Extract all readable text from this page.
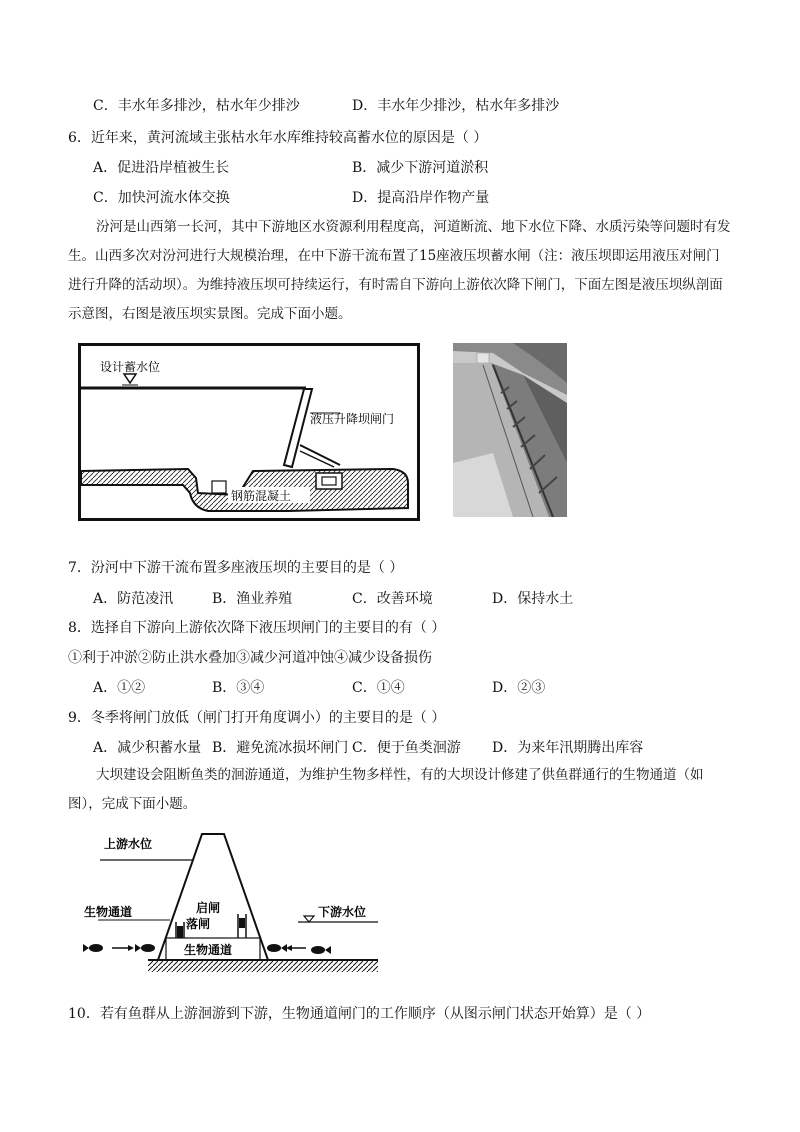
C．丰水年多排沙，枯水年少排沙	D．丰水年少排沙，枯水年多排沙
6．近年来，黄河流域主张枯水年水库维持较高蓄水位的原因是（ ）
A．促进沿岸植被生长	B．减少下游河道淤积
C．加快河流水体交换	D．提高沿岸作物产量
汾河是山西第一长河，其中下游地区水资源利用程度高，河道断流、地下水位下降、水质污染等问题时有发生。山西多次对汾河进行大规模治理，在中下游干流布置了15座液压坝蓄水闸（注：液压坝即运用液压对闸门进行升降的活动坝）。为维持液压坝可持续运行，有时需自下游向上游依次降下闸门，下面左图是液压坝纵剖面示意图，右图是液压坝实景图。完成下面小题。
设计蓄水位
液压升降坝闸门
钢筋混凝土
7．汾河中下游干流布置多座液压坝的主要目的是（ ）
A．防范凌汛	B．渔业养殖	C．改善环境	D．保持水土
8．选择自下游向上游依次降下液压坝闸门的主要目的有（ ）
①利于冲淤②防止洪水叠加③减少河道冲蚀④减少设备损伤
A．①②	B．③④	C．①④	D．②③
9．冬季将闸门放低（闸门打开角度调小）的主要目的是（ ）
A．减少积蓄水量 B．避免流冰损坏闸门 C．便于鱼类洄游 D．为来年汛期腾出库容
大坝建设会阻断鱼类的洄游通道，为维护生物多样性，有的大坝设计修建了供鱼群通行的生物通道（如图），完成下面小题。
上游水位
下游水位
启闸
落闸
生物通道
生物通道
10．若有鱼群从上游洄游到下游，生物通道闸门的工作顺序（从图示闸门状态开始算）是（ ）
